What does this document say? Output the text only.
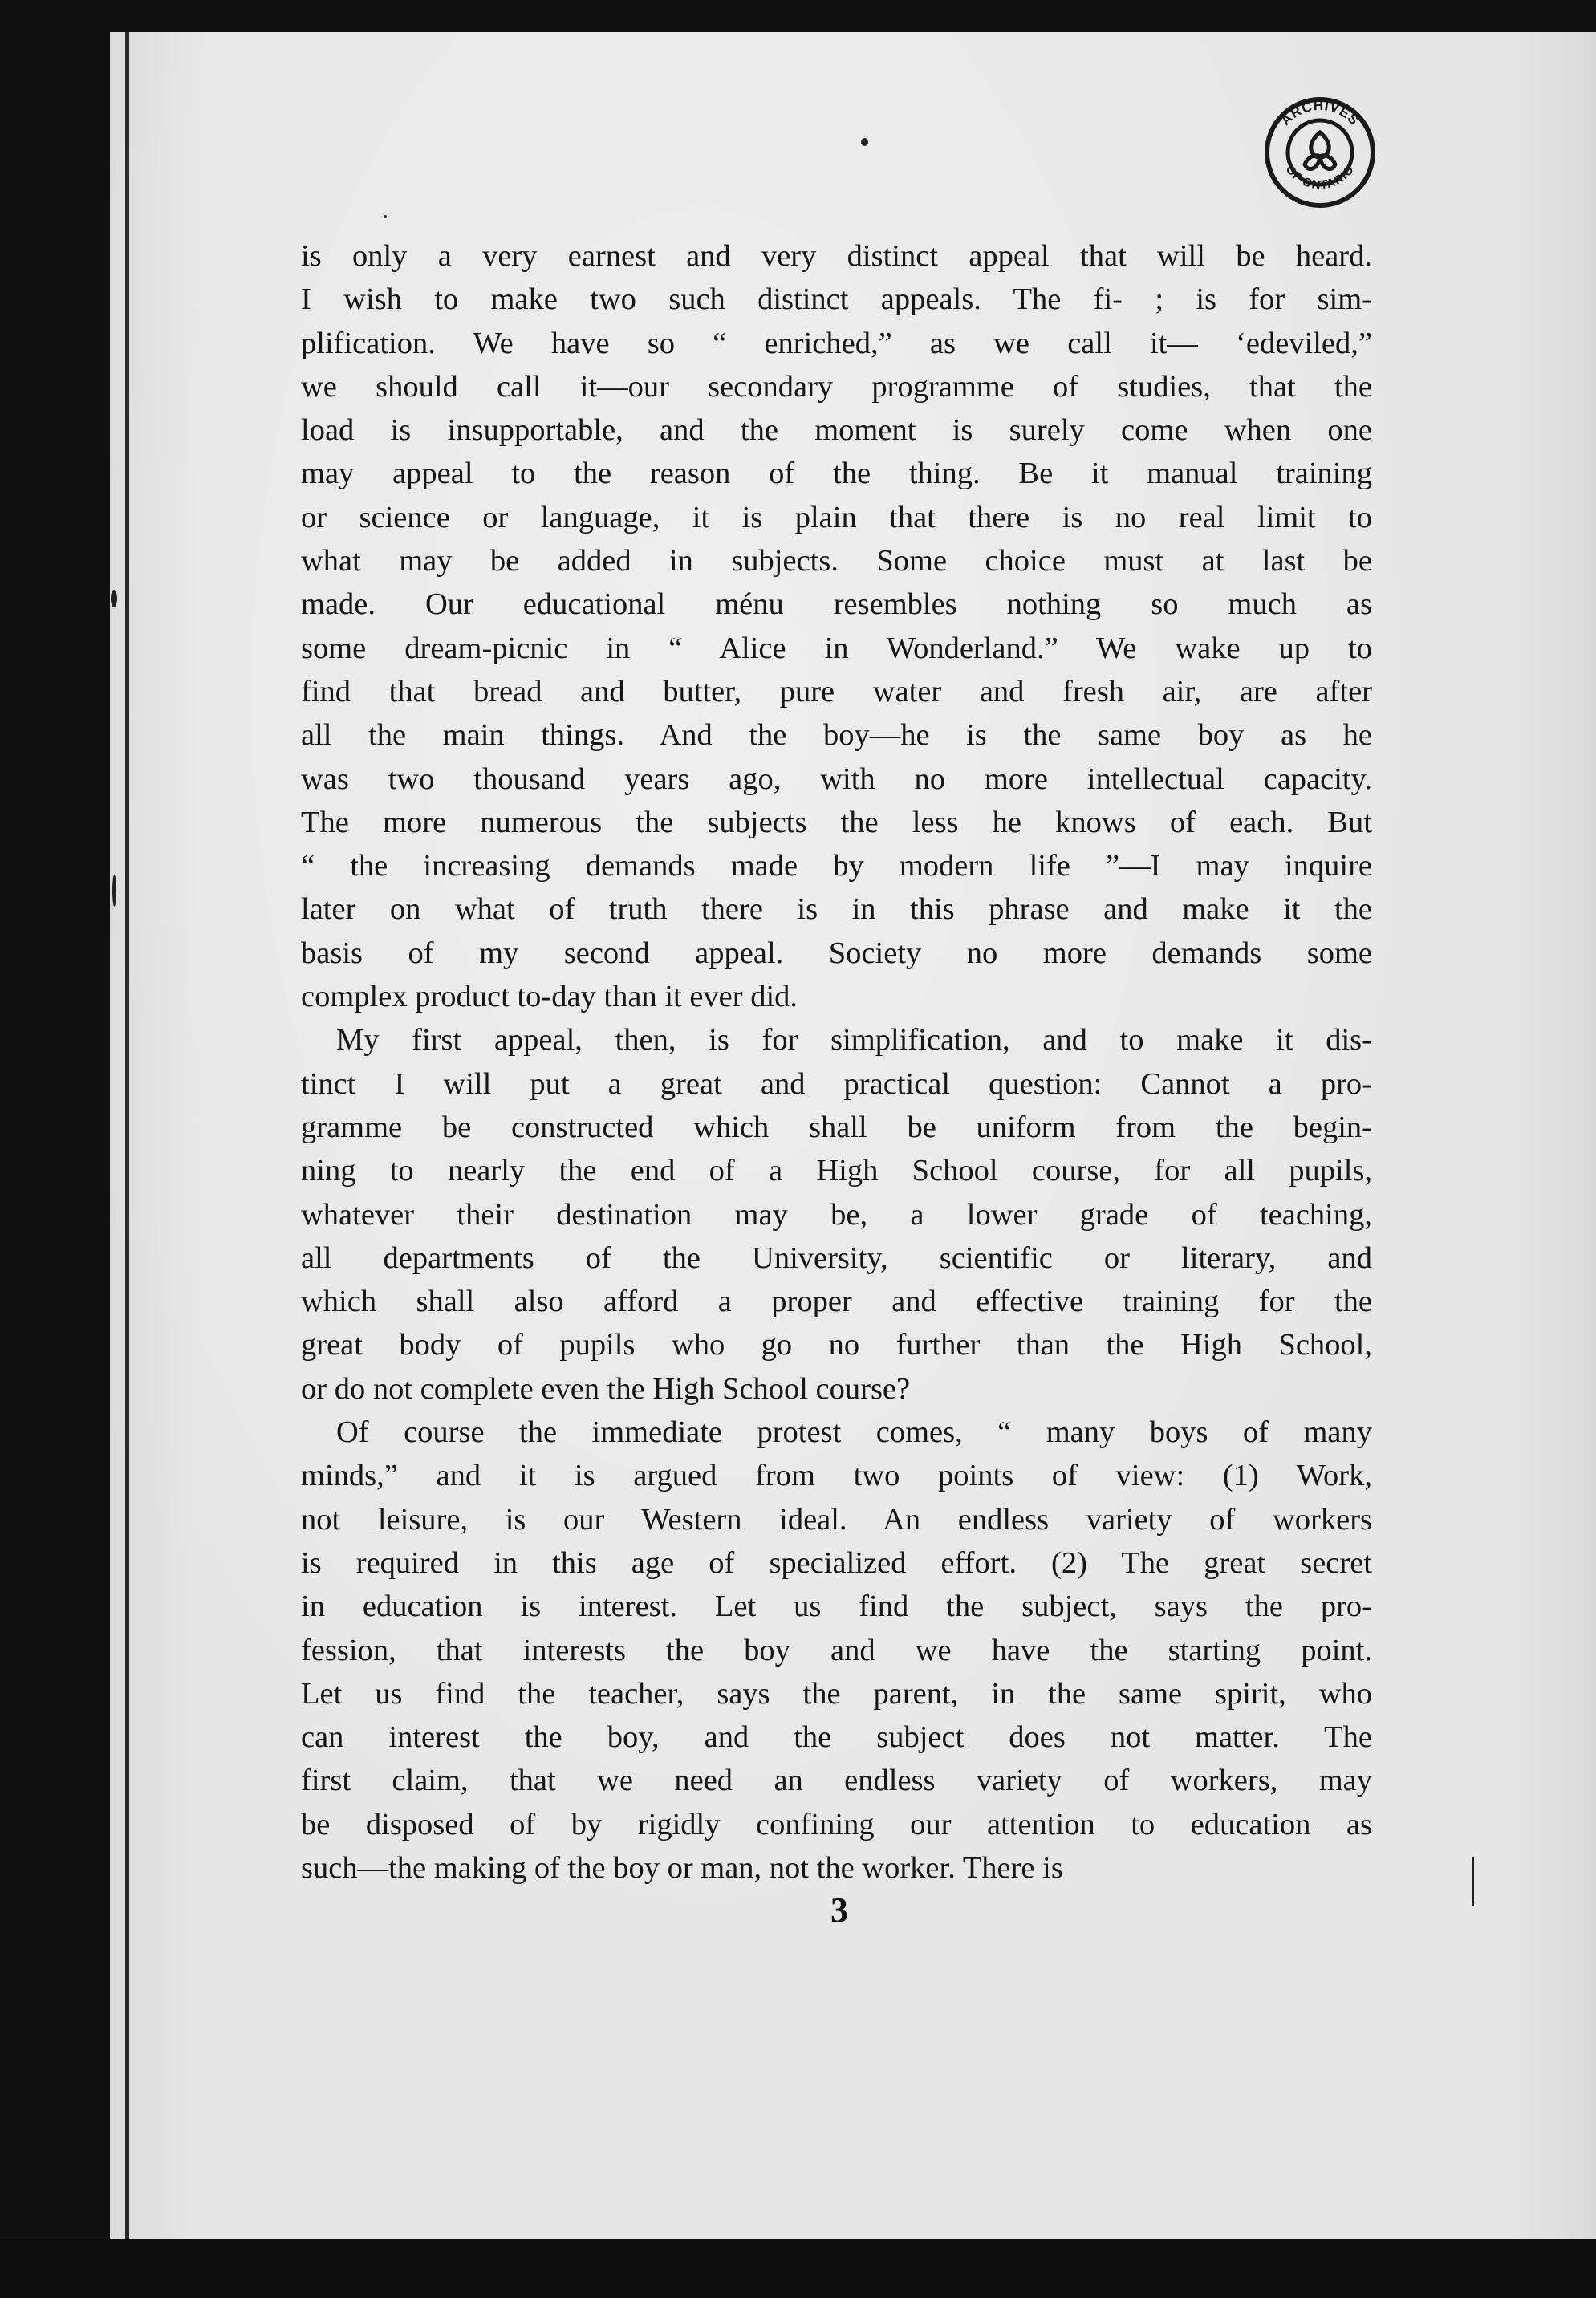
ARCHIVES
OF ONTARIO
is only a very earnest and very distinct appeal that will be heard.
I wish to make two such distinct appeals. The fi‑ ; is for sim-
plification. We have so “ enriched,” as we call it— ‘edeviled,”
we should call it—our secondary programme of studies, that the
load is insupportable, and the moment is surely come when one
may appeal to the reason of the thing. Be it manual training
or science or language, it is plain that there is no real limit to
what may be added in subjects. Some choice must at last be
made. Our educational ménu resembles nothing so much as
some dream-picnic in “ Alice in Wonderland.” We wake up to
find that bread and butter, pure water and fresh air, are after
all the main things. And the boy—he is the same boy as he
was two thousand years ago, with no more intellectual capacity.
The more numerous the subjects the less he knows of each. But
“ the increasing demands made by modern life ”—I may inquire
later on what of truth there is in this phrase and make it the
basis of my second appeal. Society no more demands some
complex product to-day than it ever did.
My first appeal, then, is for simplification, and to make it dis-
tinct I will put a great and practical question: Cannot a pro-
gramme be constructed which shall be uniform from the begin-
ning to nearly the end of a High School course, for all pupils,
whatever their destination may be, a lower grade of teaching,
all departments of the University, scientific or literary, and
which shall also afford a proper and effective training for the
great body of pupils who go no further than the High School,
or do not complete even the High School course?
Of course the immediate protest comes, “ many boys of many
minds,” and it is argued from two points of view: (1) Work,
not leisure, is our Western ideal. An endless variety of workers
is required in this age of specialized effort. (2) The great secret
in education is interest. Let us find the subject, says the pro-
fession, that interests the boy and we have the starting point.
Let us find the teacher, says the parent, in the same spirit, who
can interest the boy, and the subject does not matter. The
first claim, that we need an endless variety of workers, may
be disposed of by rigidly confining our attention to education as
such—the making of the boy or man, not the worker. There is
3
